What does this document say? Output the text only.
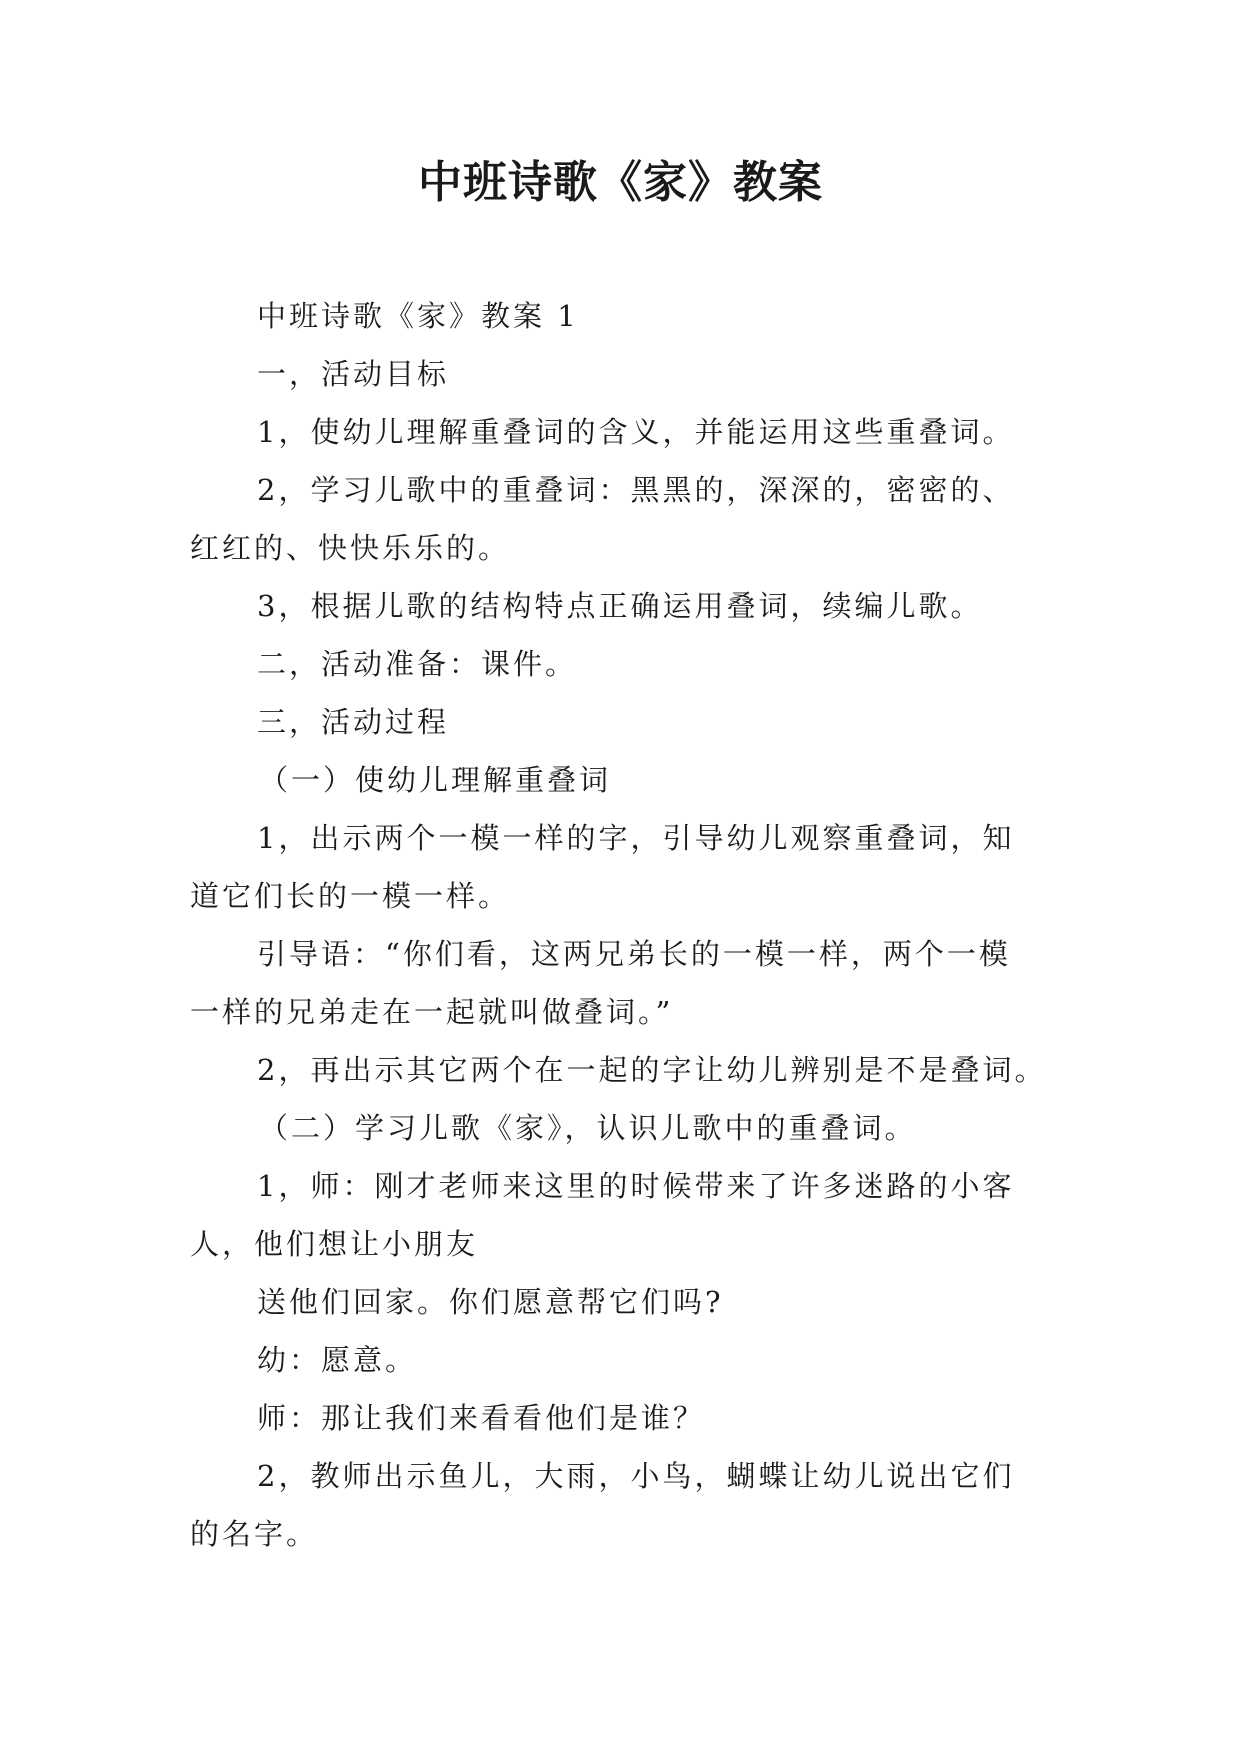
中班诗歌《家》教案

中班诗歌《家》教案 1

一，活动目标

1，使幼儿理解重叠词的含义，并能运用这些重叠词。

2，学习儿歌中的重叠词：黑黑的，深深的，密密的、

红红的、快快乐乐的。

3，根据儿歌的结构特点正确运用叠词，续编儿歌。

二，活动准备：课件。

三，活动过程

（一）使幼儿理解重叠词

1，出示两个一模一样的字，引导幼儿观察重叠词，知

道它们长的一模一样。

引导语：“你们看，这两兄弟长的一模一样，两个一模

一样的兄弟走在一起就叫做叠词。”

2，再出示其它两个在一起的字让幼儿辨别是不是叠词。

（二）学习儿歌《家》，认识儿歌中的重叠词。

1，师：刚才老师来这里的时候带来了许多迷路的小客

人，他们想让小朋友

送他们回家。你们愿意帮它们吗?

幼：愿意。

师：那让我们来看看他们是谁？

2，教师出示鱼儿，大雨，小鸟，蝴蝶让幼儿说出它们

的名字。
